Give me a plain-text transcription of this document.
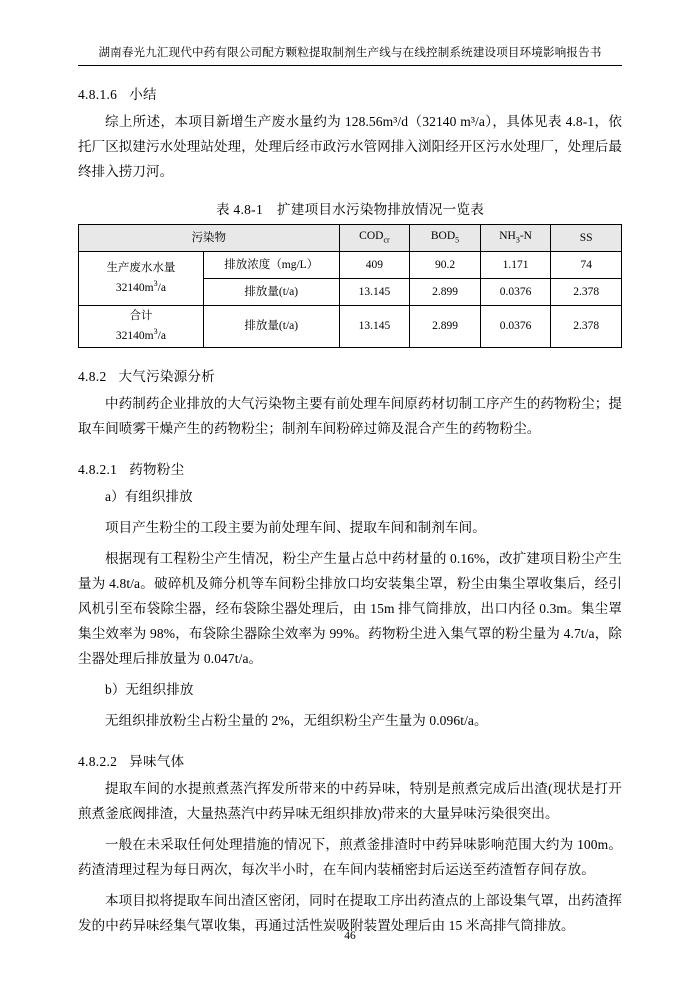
湖南春光九汇现代中药有限公司配方颗粒提取制剂生产线与在线控制系统建设项目环境影响报告书
4.8.1.6 小结
综上所述，本项目新增生产废水量约为 128.56m³/d（32140 m³/a），具体见表 4.8-1，依托厂区拟建污水处理站处理，处理后经市政污水管网排入浏阳经开区污水处理厂，处理后最终排入捞刀河。
表 4.8-1 扩建项目水污染物排放情况一览表
污染物		$COD_{cr}$	$BOD_5$	$NH_3-N$	SS
生产废水水量
$32140m^3/a$	排放浓度（mg/L）	409	90.2	1.171	74
	排放量(t/a)	13.145	2.899	0.0376	2.378
合计
$32140m^3/a$	排放量(t/a)	13.145	2.899	0.0376	2.378
4.8.2 大气污染源分析
中药制药企业排放的大气污染物主要有前处理车间原药材切制工序产生的药物粉尘；提取车间喷雾干燥产生的药物粉尘；制剂车间粉碎过筛及混合产生的药物粉尘。
4.8.2.1 药物粉尘
a）有组织排放
项目产生粉尘的工段主要为前处理车间、提取车间和制剂车间。
根据现有工程粉尘产生情况，粉尘产生量占总中药材量的 0.16%，改扩建项目粉尘产生量为 4.8t/a。破碎机及筛分机等车间粉尘排放口均安装集尘罩，粉尘由集尘罩收集后，经引风机引至布袋除尘器，经布袋除尘器处理后，由 15m 排气筒排放，出口内径 0.3m。集尘罩集尘效率为 98%，布袋除尘器除尘效率为 99%。药物粉尘进入集气罩的粉尘量为 4.7t/a，除尘器处理后排放量为 0.047t/a。
b）无组织排放
无组织排放粉尘占粉尘量的 2%，无组织粉尘产生量为 0.096t/a。
4.8.2.2 异味气体
提取车间的水提煎煮蒸汽挥发所带来的中药异味，特别是煎煮完成后出渣(现状是打开煎煮釜底阀排渣，大量热蒸汽中药异味无组织排放)带来的大量异味污染很突出。
一般在未采取任何处理措施的情况下，煎煮釜排渣时中药异味影响范围大约为 100m。药渣清理过程为每日两次，每次半小时，在车间内装桶密封后运送至药渣暂存间存放。
本项目拟将提取车间出渣区密闭，同时在提取工序出药渣点的上部设集气罩，出药渣挥发的中药异味经集气罩收集，再通过活性炭吸附装置处理后由 15 米高排气筒排放。
46
